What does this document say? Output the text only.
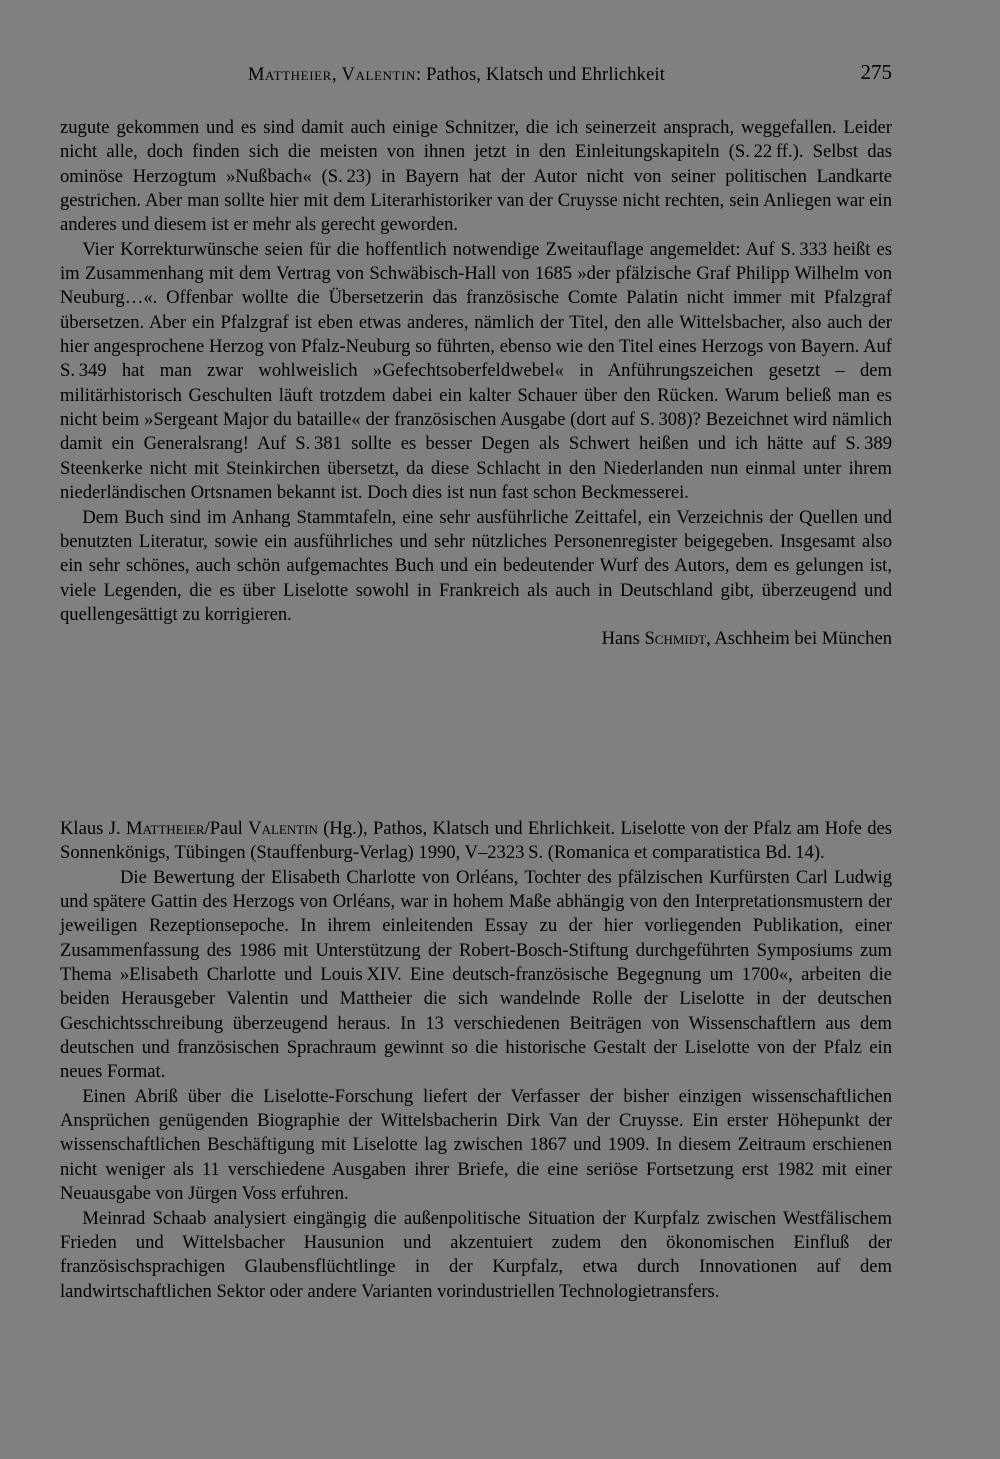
Mattheier, Valentin: Pathos, Klatsch und Ehrlichkeit	275

zugute gekommen und es sind damit auch einige Schnitzer, die ich seinerzeit ansprach, weggefallen. Leider nicht alle, doch finden sich die meisten von ihnen jetzt in den Einleitungskapiteln (S. 22 ff.). Selbst das ominöse Herzogtum »Nußbach« (S. 23) in Bayern hat der Autor nicht von seiner politischen Landkarte gestrichen. Aber man sollte hier mit dem Literarhistoriker van der Cruysse nicht rechten, sein Anliegen war ein anderes und diesem ist er mehr als gerecht geworden.

Vier Korrekturwünsche seien für die hoffentlich notwendige Zweitauflage angemeldet: Auf S. 333 heißt es im Zusammenhang mit dem Vertrag von Schwäbisch-Hall von 1685 »der pfälzische Graf Philipp Wilhelm von Neuburg…«. Offenbar wollte die Übersetzerin das französische Comte Palatin nicht immer mit Pfalzgraf übersetzen. Aber ein Pfalzgraf ist eben etwas anderes, nämlich der Titel, den alle Wittelsbacher, also auch der hier angesprochene Herzog von Pfalz-Neuburg so führten, ebenso wie den Titel eines Herzogs von Bayern. Auf S. 349 hat man zwar wohlweislich »Gefechtsoberfeldwebel« in Anführungszeichen gesetzt – dem militärhistorisch Geschulten läuft trotzdem dabei ein kalter Schauer über den Rücken. Warum beließ man es nicht beim »Sergeant Major du bataille« der französischen Ausgabe (dort auf S. 308)? Bezeichnet wird nämlich damit ein Generalsrang! Auf S. 381 sollte es besser Degen als Schwert heißen und ich hätte auf S. 389 Steenkerke nicht mit Steinkirchen übersetzt, da diese Schlacht in den Niederlanden nun einmal unter ihrem niederländischen Ortsnamen bekannt ist. Doch dies ist nun fast schon Beckmesserei.

Dem Buch sind im Anhang Stammtafeln, eine sehr ausführliche Zeittafel, ein Verzeichnis der Quellen und benutzten Literatur, sowie ein ausführliches und sehr nützliches Personenregister beigegeben. Insgesamt also ein sehr schönes, auch schön aufgemachtes Buch und ein bedeutender Wurf des Autors, dem es gelungen ist, viele Legenden, die es über Liselotte sowohl in Frankreich als auch in Deutschland gibt, überzeugend und quellengesättigt zu korrigieren.

Hans Schmidt, Aschheim bei München

Klaus J. Mattheier/Paul Valentin (Hg.), Pathos, Klatsch und Ehrlichkeit. Liselotte von der Pfalz am Hofe des Sonnenkönigs, Tübingen (Stauffenburg-Verlag) 1990, V–2323 S. (Romanica et comparatistica Bd. 14).

Die Bewertung der Elisabeth Charlotte von Orléans, Tochter des pfälzischen Kurfürsten Carl Ludwig und spätere Gattin des Herzogs von Orléans, war in hohem Maße abhängig von den Interpretationsmustern der jeweiligen Rezeptionsepoche. In ihrem einleitenden Essay zu der hier vorliegenden Publikation, einer Zusammenfassung des 1986 mit Unterstützung der Robert-Bosch-Stiftung durchgeführten Symposiums zum Thema »Elisabeth Charlotte und Louis XIV. Eine deutsch-französische Begegnung um 1700«, arbeiten die beiden Herausgeber Valentin und Mattheier die sich wandelnde Rolle der Liselotte in der deutschen Geschichtsschreibung überzeugend heraus. In 13 verschiedenen Beiträgen von Wissenschaftlern aus dem deutschen und französischen Sprachraum gewinnt so die historische Gestalt der Liselotte von der Pfalz ein neues Format.

Einen Abriß über die Liselotte-Forschung liefert der Verfasser der bisher einzigen wissenschaftlichen Ansprüchen genügenden Biographie der Wittelsbacherin Dirk Van der Cruysse. Ein erster Höhepunkt der wissenschaftlichen Beschäftigung mit Liselotte lag zwischen 1867 und 1909. In diesem Zeitraum erschienen nicht weniger als 11 verschiedene Ausgaben ihrer Briefe, die eine seriöse Fortsetzung erst 1982 mit einer Neuausgabe von Jürgen Voss erfuhren.

Meinrad Schaab analysiert eingängig die außenpolitische Situation der Kurpfalz zwischen Westfälischem Frieden und Wittelsbacher Hausunion und akzentuiert zudem den ökonomischen Einfluß der französischsprachigen Glaubensflüchtlinge in der Kurpfalz, etwa durch Innovationen auf dem landwirtschaftlichen Sektor oder andere Varianten vorindustriellen Technologietransfers.
